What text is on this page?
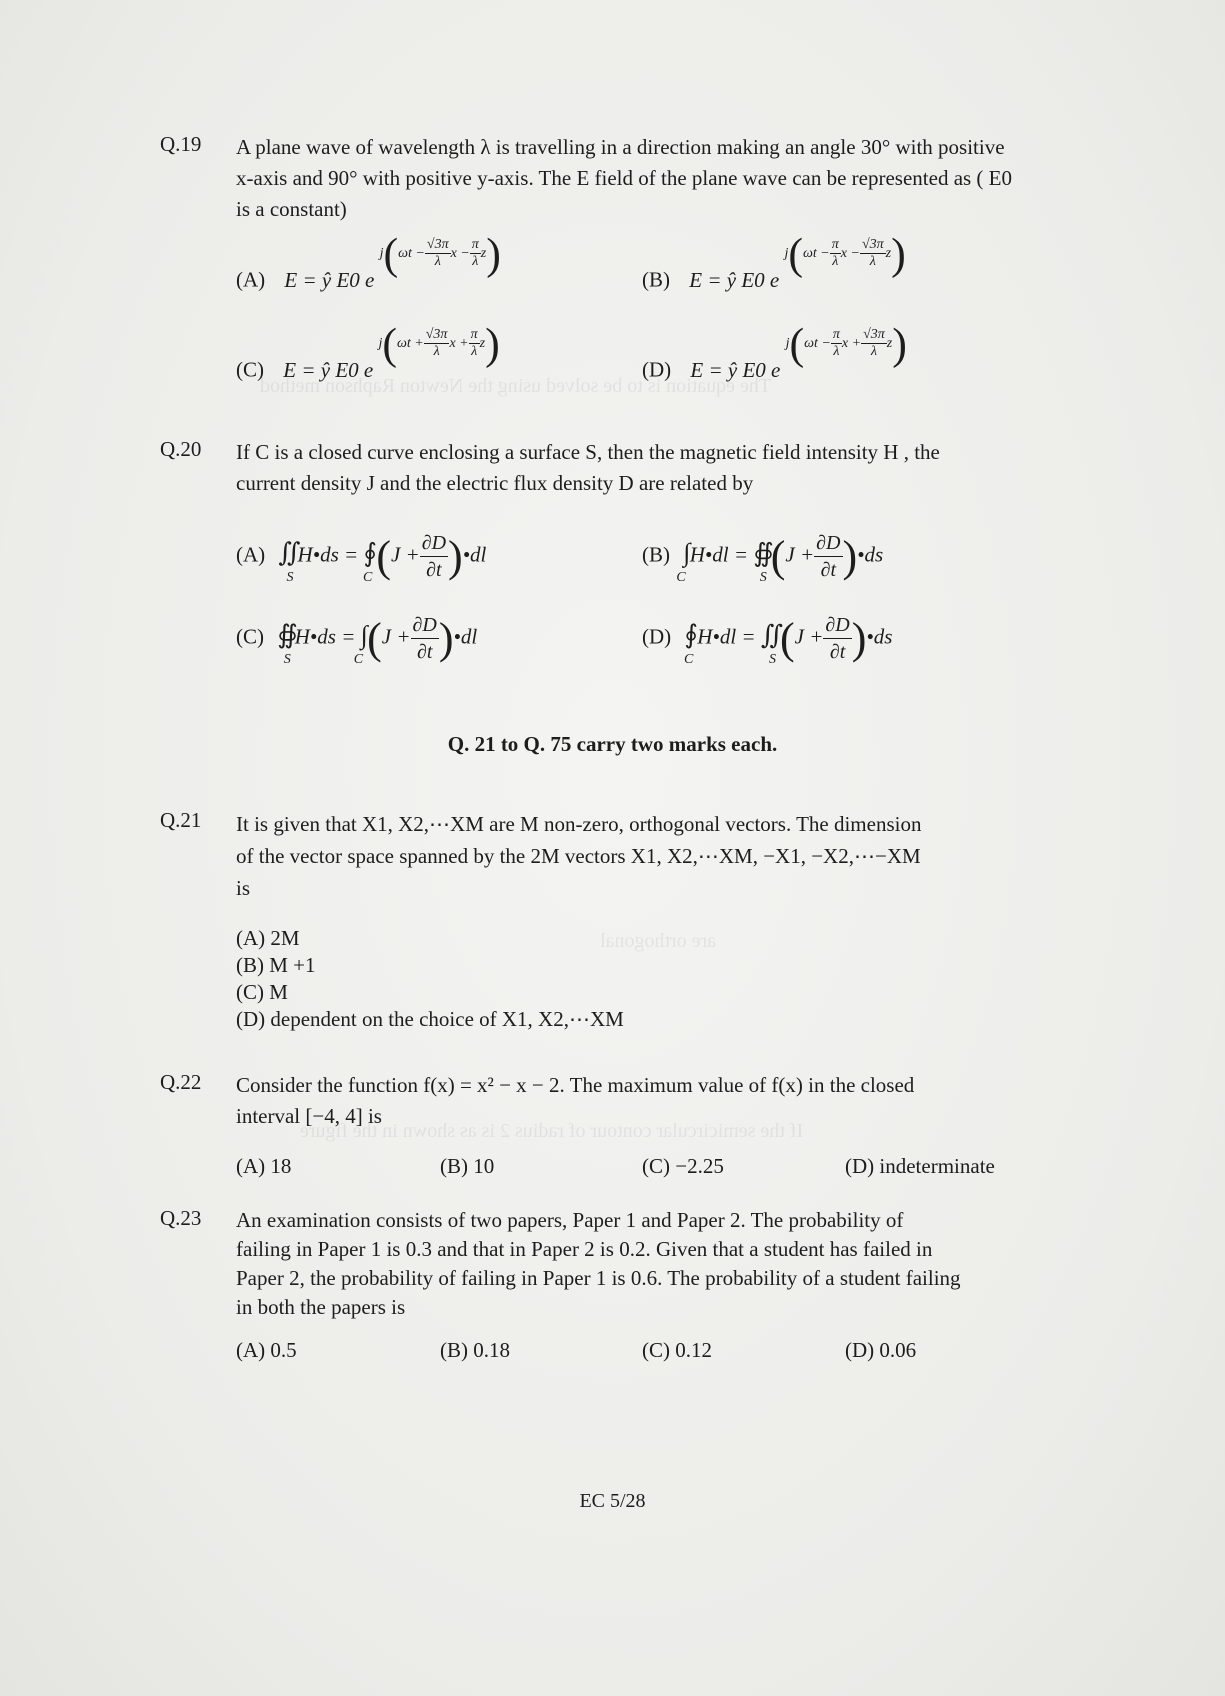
The equation is to be solved using the Newton Raphson method
are orthogonal
If the semicircular contour of radius 2 is as shown in the figure
Q.19 A plane wave of wavelength λ is travelling in a direction making an angle 30° with positive x-axis and 90° with positive y-axis. The E field of the plane wave can be represented as ( E0 is a constant)
(A) E = ŷ E0 e $^{j(\omega t - \frac{√3\pi}{\lambda} x - \frac{\pi}{\lambda} z)}$
(B) E = ŷ E0 e $^{j(\omega t - \frac{\pi}{\lambda} x - \frac{√3\pi}{\lambda} z)}$
(C) E = ŷ E0 e $^{j(\omega t + \frac{√3\pi}{\lambda} x + \frac{\pi}{\lambda} z)}$
(D) E = ŷ E0 e $^{j(\omega t - \frac{\pi}{\lambda} x + \frac{√3\pi}{\lambda} z)}$
Q.20 If C is a closed curve enclosing a surface S, then the magnetic field intensity H , the
current density J and the electric flux density D are related by
(A) $∬_SH•ds$ = $∮_C(J + \frac{\partial D}{\partial t}$ )•dl	(B) $\int_CH•dl$ = $∯_S(J + \frac{\partial D}{\partial t}$ )•ds
(C) $∯_SH•ds = \int_C(J + \frac{\partial D}{\partial t}$ )•dl	(D) $∮_CH•dl$ = $∬_S(J + \frac{\partial D}{\partial t}$ )•ds
Q. 21 to Q. 75 carry two marks each.
Q.21 It is given that X1, X2,⋯XM are M non-zero, orthogonal vectors. The dimension
of the vector space spanned by the 2M vectors X1, X2,⋯XM, −X1, −X2,⋯−XM
is
(A) 2M
(B) M +1
(C) M
(D) dependent on the choice of X1, X2,⋯XM
Q.22 Consider the function f(x) = x² − x − 2. The maximum value of f(x) in the closed
interval [−4, 4] is
(A) 18	(B) 10	(C) −2.25	(D) indeterminate
Q.23 An examination consists of two papers, Paper 1 and Paper 2. The probability of
failing in Paper 1 is 0.3 and that in Paper 2 is 0.2. Given that a student has failed in
Paper 2, the probability of failing in Paper 1 is 0.6. The probability of a student failing
in both the papers is
(A) 0.5	(B) 0.18	(C) 0.12	(D) 0.06
EC 5/28
